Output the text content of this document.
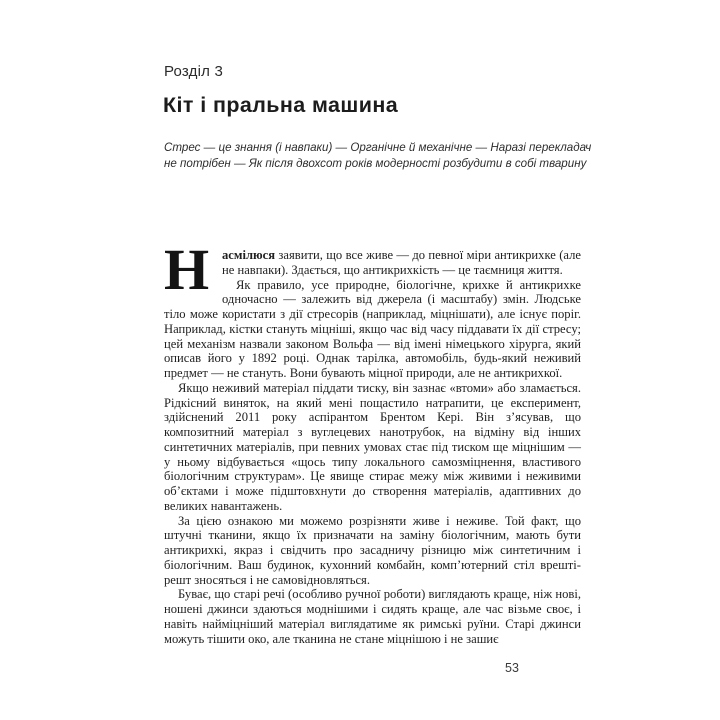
Розділ 3
Кіт і пральна машина

Стрес — це знання (і навпаки) — Органічне й механічне — Наразі перекладач не потрібен — Як після двохсот років модерності розбудити в собі тварину

Н асмілюся заявити, що все живе — до певної міри антикрихке (але не навпаки). Здається, що антикрихкість — це таємниця життя.

Як правило, усе природне, біологічне, крихке й антикрихке одночасно — залежить від джерела (і масштабу) змін. Людське тіло може користати з дії стресорів (наприклад, міцнішати), але існує поріг. Наприклад, кістки стануть міцніші, якщо час від часу піддавати їх дії стресу; цей механізм назвали законом Вольфа — від імені німецького хірурга, який описав його у 1892 році. Однак тарілка, автомобіль, будь-який неживий предмет — не стануть. Вони бувають міцної природи, але не антикрихкої.

Якщо неживий матеріал піддати тиску, він зазнає «втоми» або зламається. Рідкісний виняток, на який мені пощастило натрапити, це експеримент, здійснений 2011 року аспірантом Брентом Кері. Він з’ясував, що композитний матеріал з вуглецевих нанотрубок, на відміну від інших синтетичних матеріалів, при певних умовах стає під тиском ще міцнішим — у ньому відбувається «щось типу локального самозміцнення, властивого біологічним структурам». Це явище стирає межу між живими і неживими об’єктами і може підштовхнути до створення матеріалів, адаптивних до великих навантажень.

За цією ознакою ми можемо розрізняти живе і неживе. Той факт, що штучні тканини, якщо їх призначати на заміну біологічним, мають бути антикрихкі, якраз і свідчить про засадничу різницю між синтетичним і біологічним. Ваш будинок, кухонний комбайн, комп’ютерний стіл врешті-решт зносяться і не самовідновляться.

Буває, що старі речі (особливо ручної роботи) виглядають краще, ніж нові, ношені джинси здаються моднішими і сидять краще, але час візьме своє, і навіть найміцніший матеріал виглядатиме як римські руїни. Старі джинси можуть тішити око, але тканина не стане міцнішою і не зашиє

53
